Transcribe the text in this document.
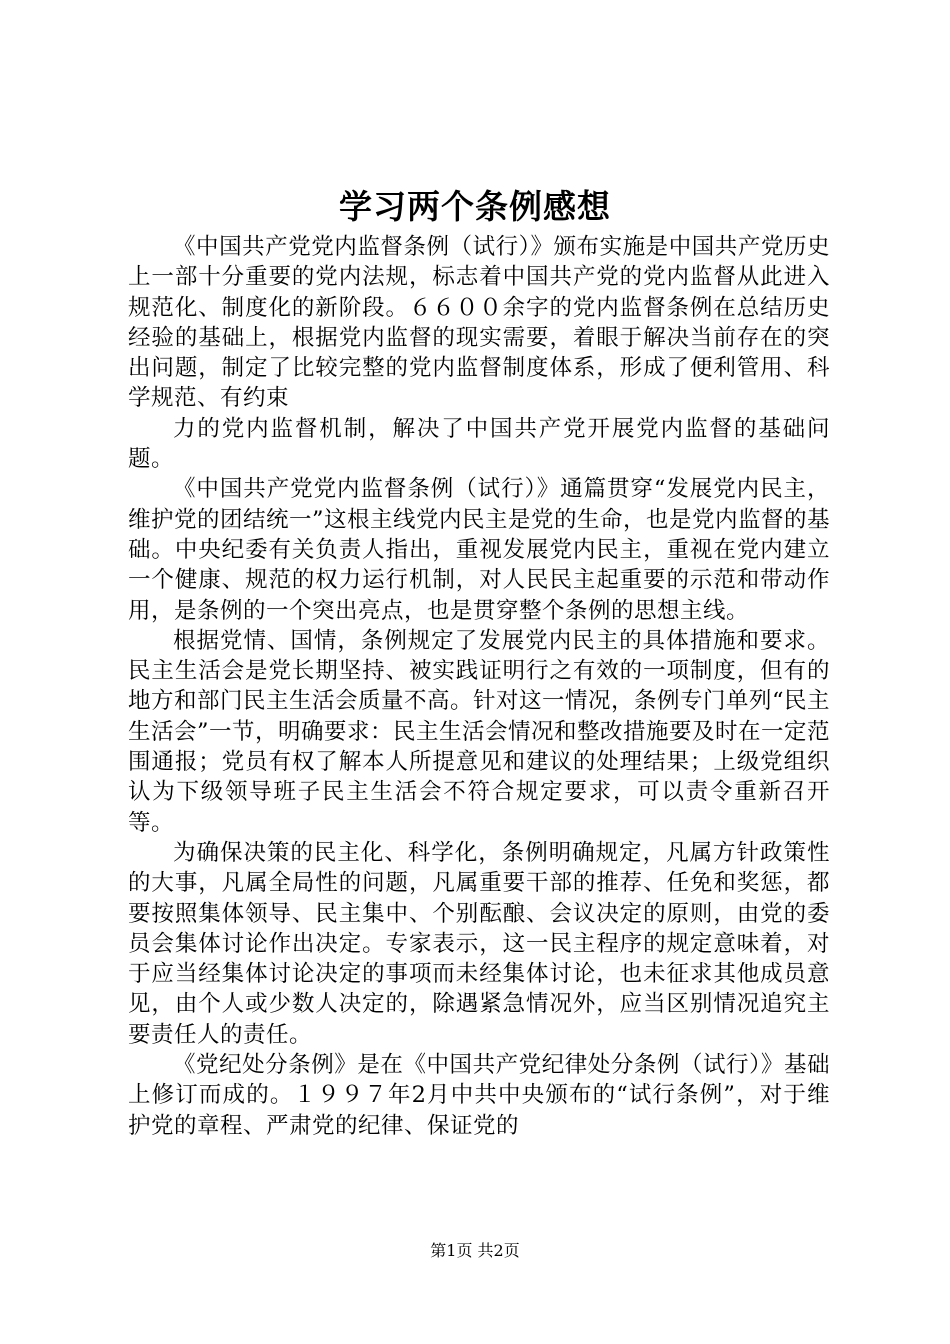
学习两个条例感想

《中国共产党党内监督条例（试行）》颁布实施是中国共产党历史上一部十分重要的党内法规，标志着中国共产党的党内监督从此进入规范化、制度化的新阶段。６６００余字的党内监督条例在总结历史经验的基础上，根据党内监督的现实需要，着眼于解决当前存在的突出问题，制定了比较完整的党内监督制度体系，形成了便利管用、科学规范、有约束

力的党内监督机制，解决了中国共产党开展党内监督的基础问题。

《中国共产党党内监督条例（试行）》通篇贯穿“发展党内民主，维护党的团结统一”这根主线党内民主是党的生命，也是党内监督的基础。中央纪委有关负责人指出，重视发展党内民主，重视在党内建立一个健康、规范的权力运行机制，对人民民主起重要的示范和带动作用，是条例的一个突出亮点，也是贯穿整个条例的思想主线。

根据党情、国情，条例规定了发展党内民主的具体措施和要求。民主生活会是党长期坚持、被实践证明行之有效的一项制度，但有的地方和部门民主生活会质量不高。针对这一情况，条例专门单列“民主生活会”一节，明确要求：民主生活会情况和整改措施要及时在一定范围通报；党员有权了解本人所提意见和建议的处理结果；上级党组织认为下级领导班子民主生活会不符合规定要求，可以责令重新召开等。

为确保决策的民主化、科学化，条例明确规定，凡属方针政策性的大事，凡属全局性的问题，凡属重要干部的推荐、任免和奖惩，都要按照集体领导、民主集中、个别酝酿、会议决定的原则，由党的委员会集体讨论作出决定。专家表示，这一民主程序的规定意味着，对于应当经集体讨论决定的事项而未经集体讨论，也未征求其他成员意见，由个人或少数人决定的，除遇紧急情况外，应当区别情况追究主要责任人的责任。

《党纪处分条例》是在《中国共产党纪律处分条例（试行）》基础上修订而成的。１９９７年2月中共中央颁布的“试行条例”，对于维护党的章程、严肃党的纪律、保证党的

第1页 共2页
